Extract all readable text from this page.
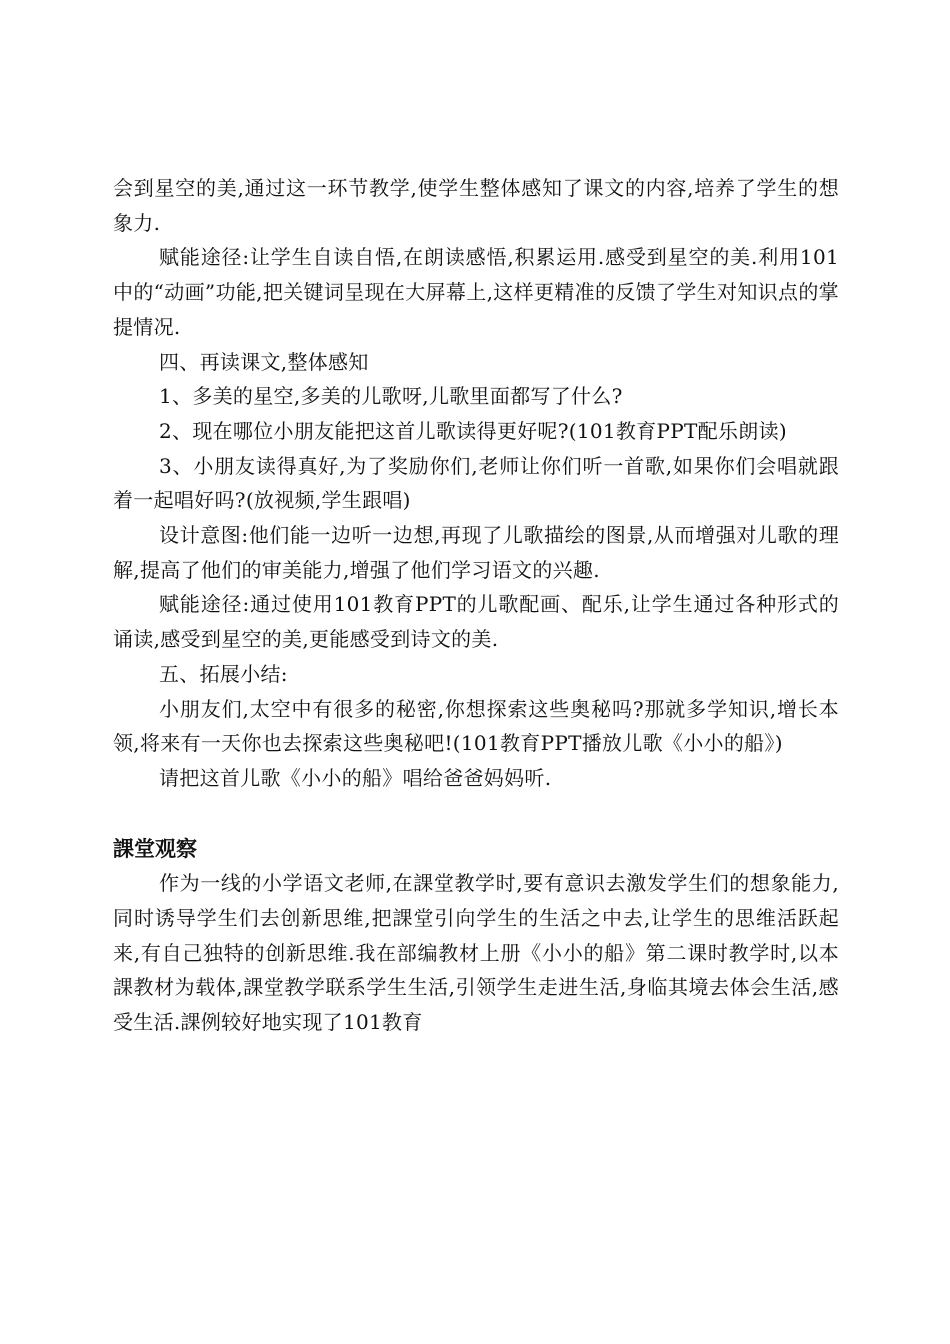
会到星空的美,通过这一环节教学,使学生整体感知了课文的内容,培养了学生的想象力.

赋能途径:让学生自读自悟,在朗读感悟,积累运用.感受到星空的美.利用101中的“动画”功能,把关键词呈现在大屏幕上,这样更精准的反馈了学生对知识点的掌提情况.

四、再读课文,整体感知

1、多美的星空,多美的儿歌呀,儿歌里面都写了什么?

2、现在哪位小朋友能把这首儿歌读得更好呢?(101教育PPT配乐朗读)

3、小朋友读得真好,为了奖励你们,老师让你们听一首歌,如果你们会唱就跟着一起唱好吗?(放视频,学生跟唱)

设计意图:他们能一边听一边想,再现了儿歌描绘的图景,从而增强对儿歌的理解,提高了他们的审美能力,增强了他们学习语文的兴趣.

赋能途径:通过使用101教育PPT的儿歌配画、配乐,让学生通过各种形式的诵读,感受到星空的美,更能感受到诗文的美.

五、拓展小结:

小朋友们,太空中有很多的秘密,你想探索这些奥秘吗?那就多学知识,增长本领,将来有一天你也去探索这些奥秘吧!(101教育PPT播放儿歌《小小的船》)

请把这首儿歌《小小的船》唱给爸爸妈妈听.

課堂观察

作为一线的小学语文老师,在課堂教学时,要有意识去激发学生们的想象能力,同时诱导学生们去创新思维,把課堂引向学生的生活之中去,让学生的思维活跃起来,有自己独特的创新思维.我在部编教材上册《小小的船》第二课时教学时,以本課教材为载体,課堂教学联系学生生活,引领学生走进生活,身临其境去体会生活,感受生活.課例较好地实现了101教育
